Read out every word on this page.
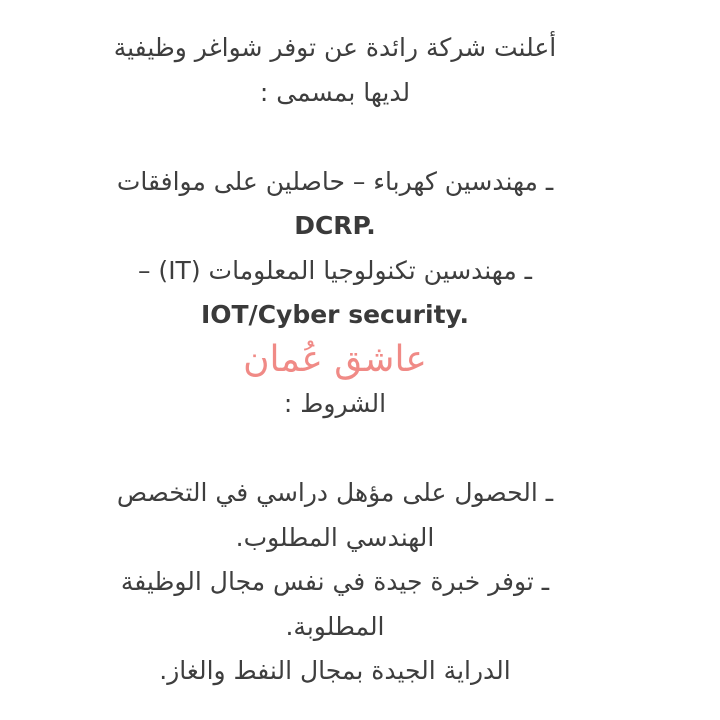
أعلنت شركة رائدة عن توفر شواغر وظيفية
لديها بمسمى :
ـ مهندسين كهرباء – حاصلين على موافقات
DCRP.
ـ مهندسين تكنولوجيا المعلومات (IT) –
IOT/Cyber security.
عاشق عُمان
الشروط :
ـ الحصول على مؤهل دراسي في التخصص
الهندسي المطلوب.
ـ توفر خبرة جيدة في نفس مجال الوظيفة
المطلوبة.
الدراية الجيدة بمجال النفط والغاز.
